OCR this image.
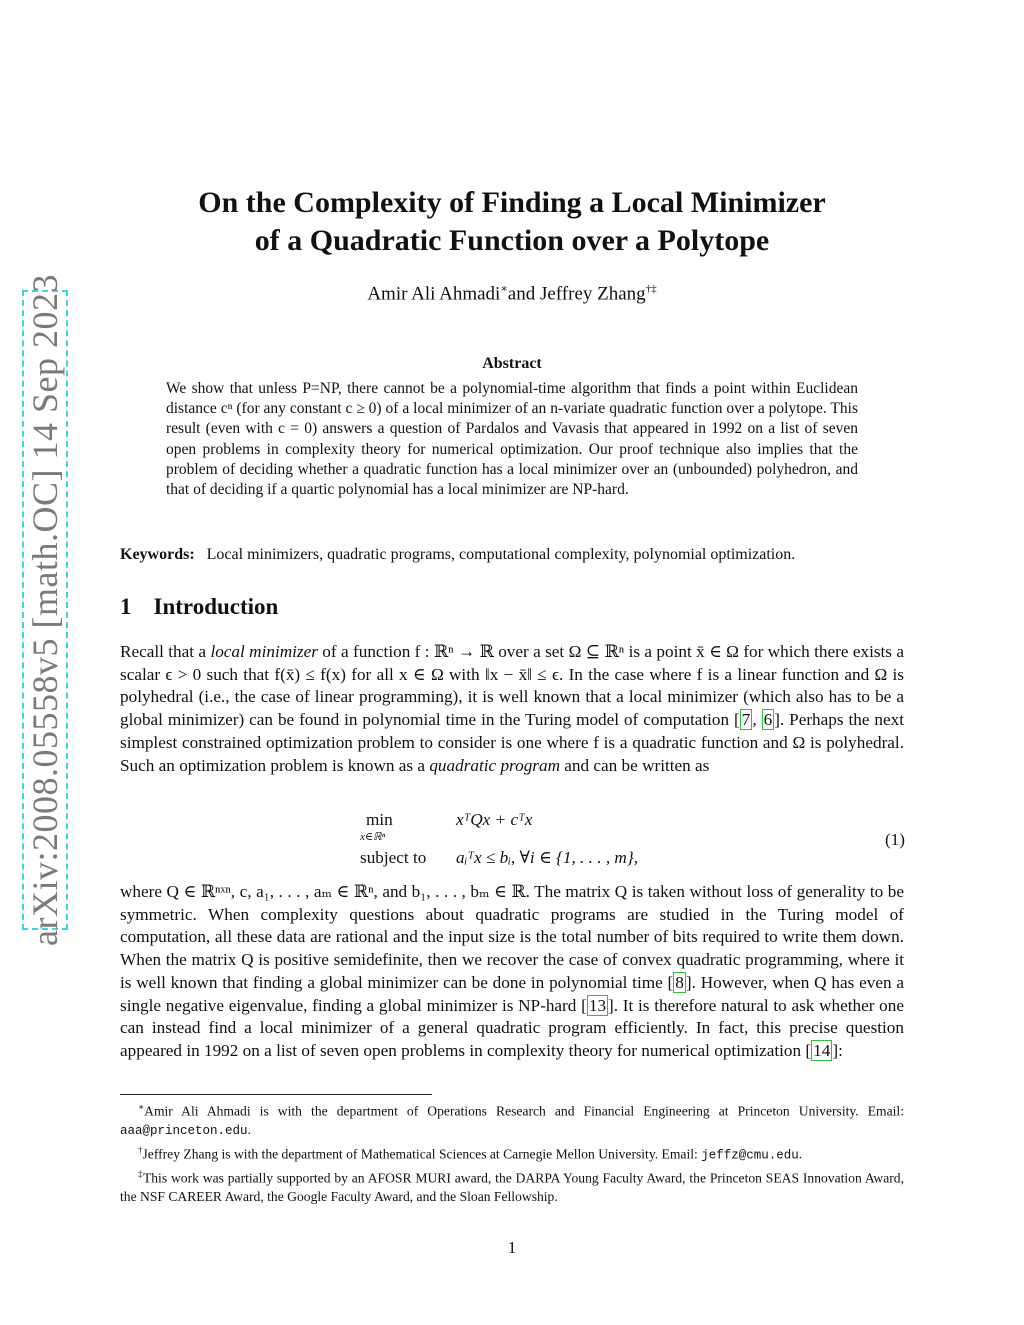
arXiv:2008.05558v5 [math.OC] 14 Sep 2023
On the Complexity of Finding a Local Minimizer
of a Quadratic Function over a Polytope
Amir Ali Ahmadi∗and Jeffrey Zhang†‡
Abstract
We show that unless P=NP, there cannot be a polynomial-time algorithm that finds a point within Euclidean distance cⁿ (for any constant c ≥ 0) of a local minimizer of an n-variate quadratic function over a polytope. This result (even with c = 0) answers a question of Pardalos and Vavasis that appeared in 1992 on a list of seven open problems in complexity theory for numerical optimization. Our proof technique also implies that the problem of deciding whether a quadratic function has a local minimizer over an (unbounded) polyhedron, and that of deciding if a quartic polynomial has a local minimizer are NP-hard.
Keywords: Local minimizers, quadratic programs, computational complexity, polynomial optimization.
1 Introduction
Recall that a local minimizer of a function f : ℝⁿ → ℝ over a set Ω ⊆ ℝⁿ is a point x̄ ∈ Ω for which there exists a scalar ϵ > 0 such that f(x̄) ≤ f(x) for all x ∈ Ω with ‖x − x̄‖ ≤ ϵ. In the case where f is a linear function and Ω is polyhedral (i.e., the case of linear programming), it is well known that a local minimizer (which also has to be a global minimizer) can be found in polynomial time in the Turing model of computation [ 7 , 6 ]. Perhaps the next simplest constrained optimization problem to consider is one where f is a quadratic function and Ω is polyhedral. Such an optimization problem is known as a quadratic program and can be written as
min
x∈ℝⁿ
xᵀQx + cᵀx
subject to aᵢᵀx ≤ bᵢ, ∀i ∈ {1, . . . , m},
(1)
where Q ∈ ℝⁿˣⁿ, c, a₁, . . . , aₘ ∈ ℝⁿ, and b₁, . . . , bₘ ∈ ℝ. The matrix Q is taken without loss of generality to be symmetric. When complexity questions about quadratic programs are studied in the Turing model of computation, all these data are rational and the input size is the total number of bits required to write them down. When the matrix Q is positive semidefinite, then we recover the case of convex quadratic programming, where it is well known that finding a global minimizer can be done in polynomial time [ 8 ]. However, when Q has even a single negative eigenvalue, finding a global minimizer is NP-hard [ 13 ]. It is therefore natural to ask whether one can instead find a local minimizer of a general quadratic program efficiently. In fact, this precise question appeared in 1992 on a list of seven open problems in complexity theory for numerical optimization [ 14 ]:

∗Amir Ali Ahmadi is with the department of Operations Research and Financial Engineering at Princeton University. Email: aaa@princeton.edu.

†Jeffrey Zhang is with the department of Mathematical Sciences at Carnegie Mellon University. Email: jeffz@cmu.edu.

‡This work was partially supported by an AFOSR MURI award, the DARPA Young Faculty Award, the Princeton SEAS Innovation Award, the NSF CAREER Award, the Google Faculty Award, and the Sloan Fellowship.

1
